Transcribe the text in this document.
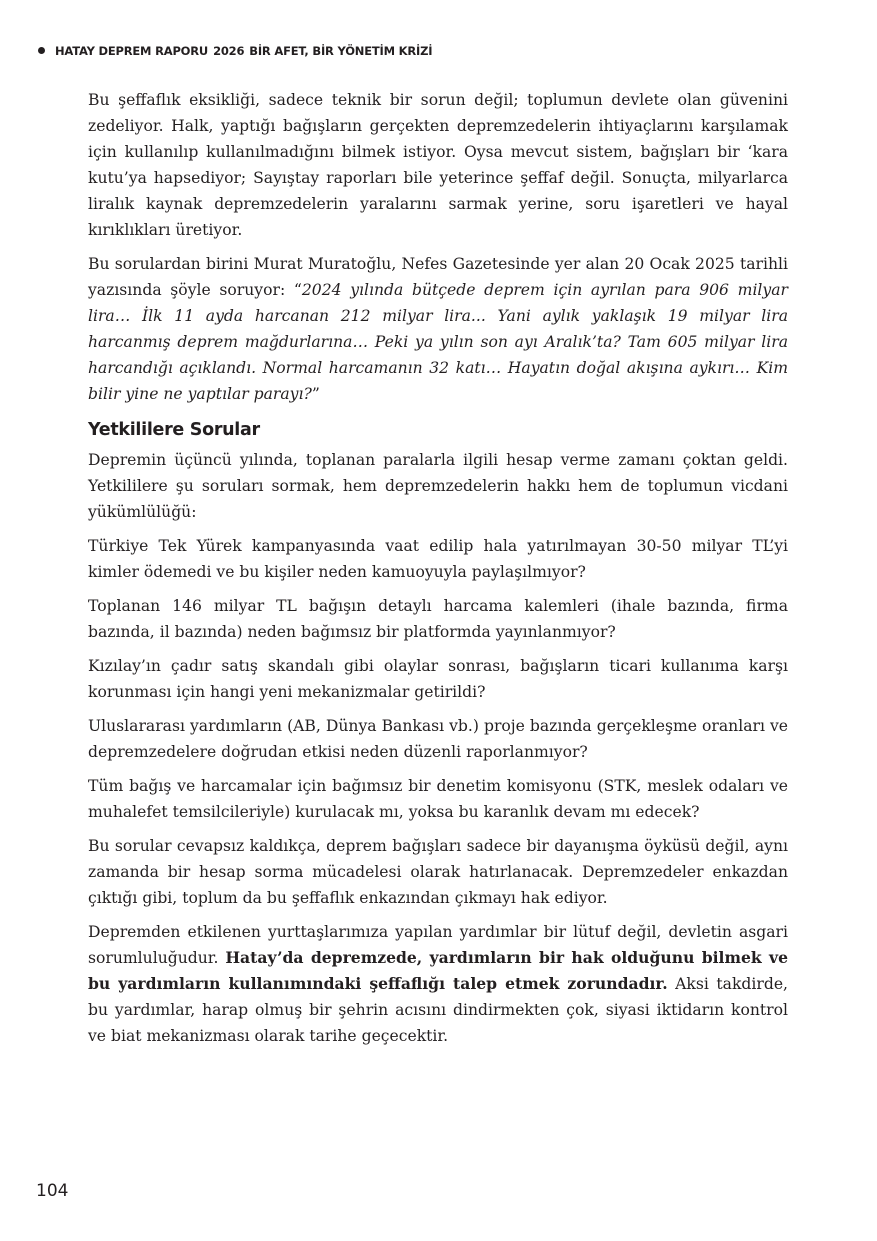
HATAY DEPREM RAPORU 2026 BİR AFET, BİR YÖNETİM KRİZİ

Bu şeffaflık eksikliği, sadece teknik bir sorun değil; toplumun devlete olan güvenini zedeliyor. Halk, yaptığı bağışların gerçekten depremzedelerin ihtiyaçlarını karşılamak için kullanılıp kullanılmadığını bilmek istiyor. Oysa mevcut sistem, bağışları bir ‘kara kutu’ya hapsediyor; Sayıştay raporları bile yeterince şeffaf değil. Sonuçta, milyarlarca liralık kaynak depremzedelerin yaralarını sarmak yerine, soru işaretleri ve hayal kırıklıkları üretiyor.

Bu sorulardan birini Murat Muratoğlu, Nefes Gazetesinde yer alan 20 Ocak 2025 tarihli yazısında şöyle soruyor: “2024 yılında bütçede deprem için ayrılan para 906 milyar lira… İlk 11 ayda harcanan 212 milyar lira... Yani aylık yaklaşık 19 milyar lira harcanmış deprem mağdurlarına… Peki ya yılın son ayı Aralık’ta? Tam 605 milyar lira harcandığı açıklandı. Normal harcamanın 32 katı… Hayatın doğal akışına aykırı… Kim bilir yine ne yaptılar parayı?”

Yetkililere Sorular

Depremin üçüncü yılında, toplanan paralarla ilgili hesap verme zamanı çoktan geldi. Yetkililere şu soruları sormak, hem depremzedelerin hakkı hem de toplumun vicdani yükümlülüğü:

Türkiye Tek Yürek kampanyasında vaat edilip hala yatırılmayan 30-50 milyar TL’yi kimler ödemedi ve bu kişiler neden kamuoyuyla paylaşılmıyor?

Toplanan 146 milyar TL bağışın detaylı harcama kalemleri (ihale bazında, firma bazında, il bazında) neden bağımsız bir platformda yayınlanmıyor?

Kızılay’ın çadır satış skandalı gibi olaylar sonrası, bağışların ticari kullanıma karşı korunması için hangi yeni mekanizmalar getirildi?

Uluslararası yardımların (AB, Dünya Bankası vb.) proje bazında gerçekleşme oranları ve depremzedelere doğrudan etkisi neden düzenli raporlanmıyor?

Tüm bağış ve harcamalar için bağımsız bir denetim komisyonu (STK, meslek odaları ve muhalefet temsilcileriyle) kurulacak mı, yoksa bu karanlık devam mı edecek?

Bu sorular cevapsız kaldıkça, deprem bağışları sadece bir dayanışma öyküsü değil, aynı zamanda bir hesap sorma mücadelesi olarak hatırlanacak. Depremzedeler enkazdan çıktığı gibi, toplum da bu şeffaflık enkazından çıkmayı hak ediyor.

Depremden etkilenen yurttaşlarımıza yapılan yardımlar bir lütuf değil, devletin asgari sorumluluğudur. Hatay’da depremzede, yardımların bir hak olduğunu bilmek ve bu yardımların kullanımındaki şeffaflığı talep etmek zorundadır. Aksi takdirde, bu yardımlar, harap olmuş bir şehrin acısını dindirmekten çok, siyasi iktidarın kontrol ve biat mekanizması olarak tarihe geçecektir.

104
